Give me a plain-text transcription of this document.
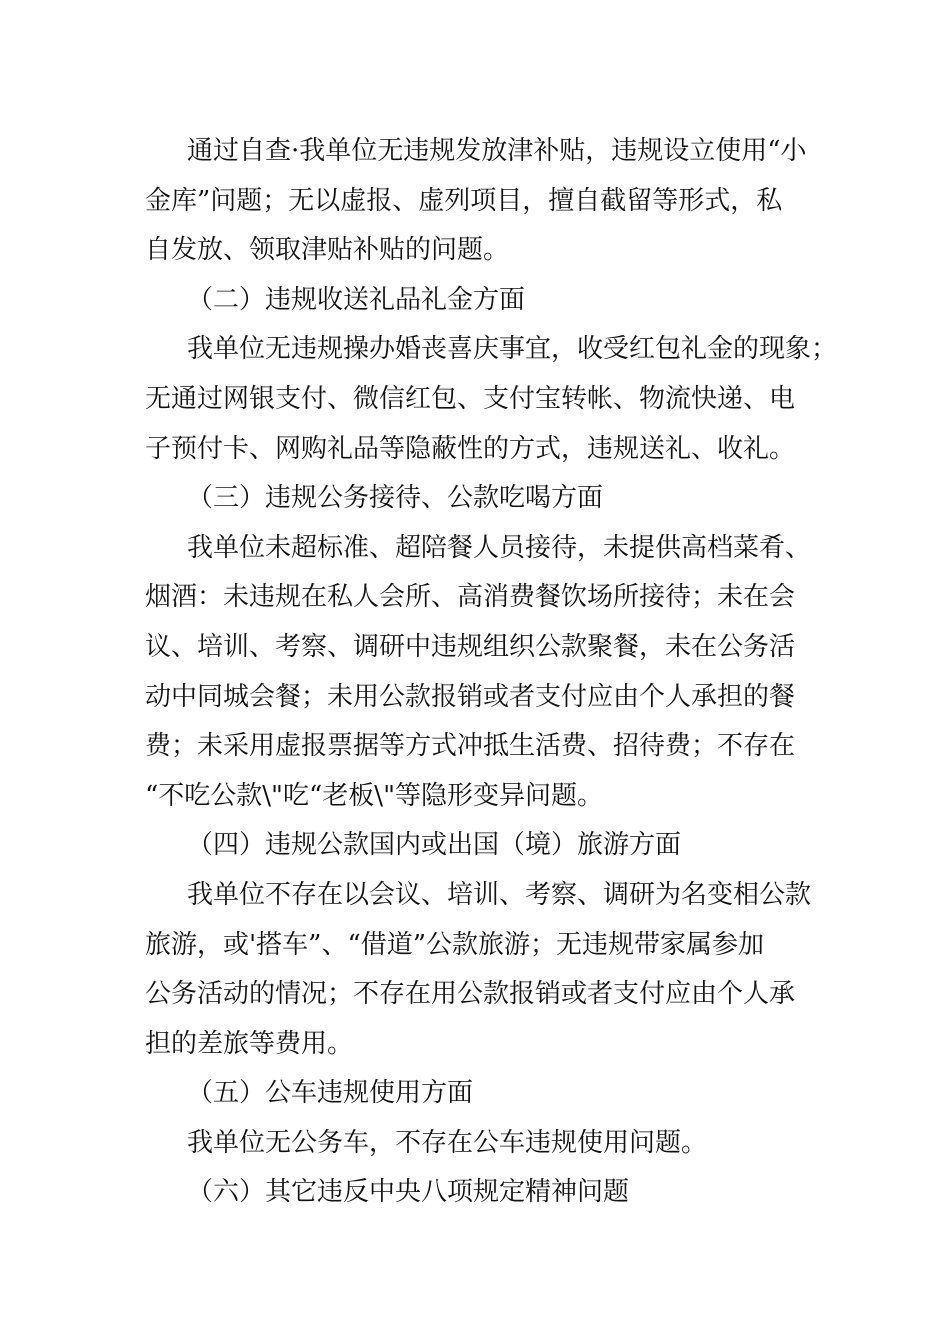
通过自查·我单位无违规发放津补贴，违规设立使用“小
金库”问题；无以虚报、虚列项目，擅自截留等形式，私
自发放、领取津贴补贴的问题。
（二）违规收送礼品礼金方面
我单位无违规操办婚丧喜庆事宜，收受红包礼金的现象；
无通过网银支付、微信红包、支付宝转帐、物流快递、电
子预付卡、网购礼品等隐蔽性的方式，违规送礼、收礼。
（三）违规公务接待、公款吃喝方面
我单位未超标准、超陪餐人员接待，未提供高档菜肴、
烟酒：未违规在私人会所、高消费餐饮场所接待；未在会
议、培训、考察、调研中违规组织公款聚餐，未在公务活
动中同城会餐；未用公款报销或者支付应由个人承担的餐
费；未采用虚报票据等方式冲抵生活费、招待费；不存在
“不吃公款\"吃“老板\"等隐形变异问题。
（四）违规公款国内或出国（境）旅游方面
我单位不存在以会议、培训、考察、调研为名变相公款
旅游，或'搭车”、“借道”公款旅游；无违规带家属参加
公务活动的情况；不存在用公款报销或者支付应由个人承
担的差旅等费用。
（五）公车违规使用方面
我单位无公务车，不存在公车违规使用问题。
（六）其它违反中央八项规定精神问题
